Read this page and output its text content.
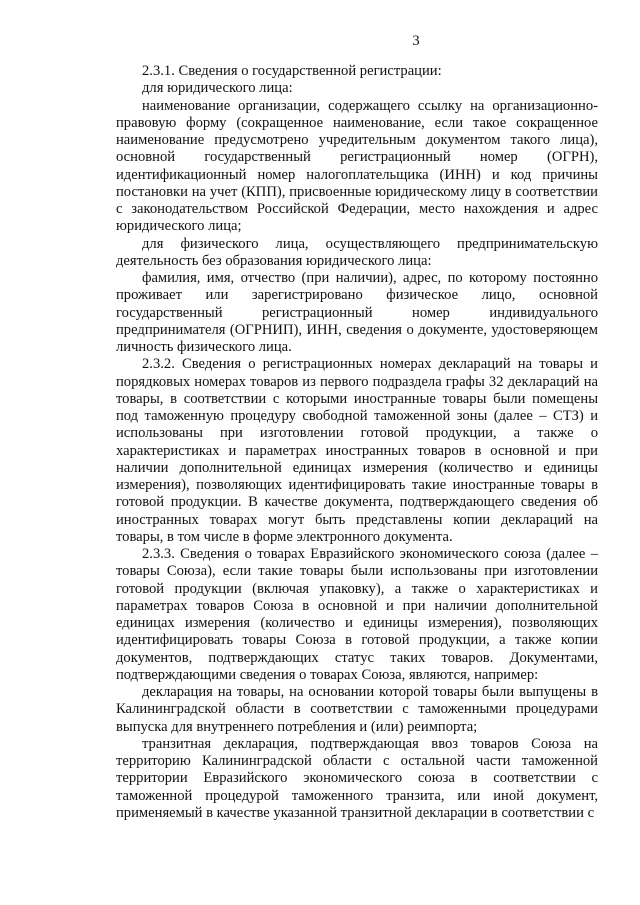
3

2.3.1. Сведения о государственной регистрации:

для юридического лица:

наименование организации, содержащего ссылку на организационно-правовую форму (сокращенное наименование, если такое сокращенное наименование предусмотрено учредительным документом такого лица), основной государственный регистрационный номер (ОГРН), идентификационный номер налогоплательщика (ИНН) и код причины постановки на учет (КПП), присвоенные юридическому лицу в соответствии с законодательством Российской Федерации, место нахождения и адрес юридического лица;

для физического лица, осуществляющего предпринимательскую деятельность без образования юридического лица:

фамилия, имя, отчество (при наличии), адрес, по которому постоянно проживает или зарегистрировано физическое лицо, основной государственный регистрационный номер индивидуального предпринимателя (ОГРНИП), ИНН, сведения о документе, удостоверяющем личность физического лица.

2.3.2. Сведения о регистрационных номерах деклараций на товары и порядковых номерах товаров из первого подраздела графы 32 деклараций на товары, в соответствии с которыми иностранные товары были помещены под таможенную процедуру свободной таможенной зоны (далее – СТЗ) и использованы при изготовлении готовой продукции, а также о характеристиках и параметрах иностранных товаров в основной и при наличии дополнительной единицах измерения (количество и единицы измерения), позволяющих идентифицировать такие иностранные товары в готовой продукции. В качестве документа, подтверждающего сведения об иностранных товарах могут быть представлены копии деклараций на товары, в том числе в форме электронного документа.

2.3.3. Сведения о товарах Евразийского экономического союза (далее – товары Союза), если такие товары были использованы при изготовлении готовой продукции (включая упаковку), а также о характеристиках и параметрах товаров Союза в основной и при наличии дополнительной единицах измерения (количество и единицы измерения), позволяющих идентифицировать товары Союза в готовой продукции, а также копии документов, подтверждающих статус таких товаров. Документами, подтверждающими сведения о товарах Союза, являются, например:

декларация на товары, на основании которой товары были выпущены в Калининградской области в соответствии с таможенными процедурами выпуска для внутреннего потребления и (или) реимпорта;

транзитная декларация, подтверждающая ввоз товаров Союза на территорию Калининградской области с остальной части таможенной территории Евразийского экономического союза в соответствии с таможенной процедурой таможенного транзита, или иной документ, применяемый в качестве указанной транзитной декларации в соответствии с
